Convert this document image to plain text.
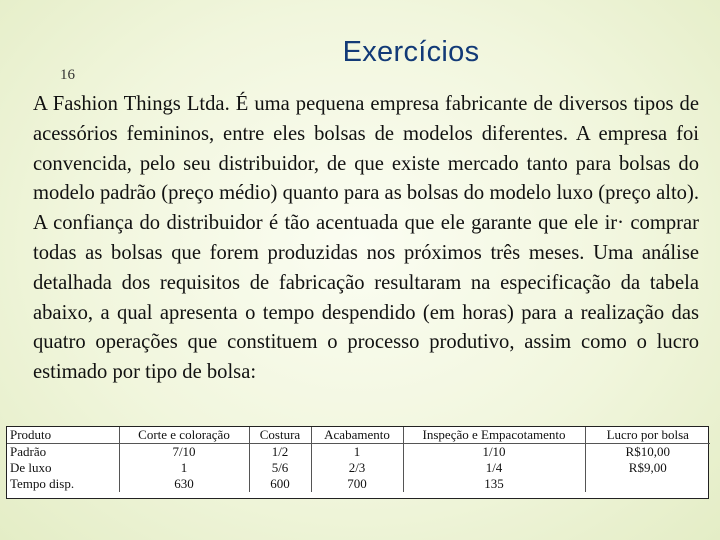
16
Exercícios

A Fashion Things Ltda. É uma pequena empresa fabricante de diversos tipos de acessórios femininos, entre eles bolsas de modelos diferentes. A empresa foi convencida, pelo seu distribuidor, de que existe mercado tanto para bolsas do modelo padrão (preço médio) quanto para as bolsas do modelo luxo (preço alto). A confiança do distribuidor é tão acentuada que ele garante que ele ir· comprar todas as bolsas que forem produzidas nos próximos três meses. Uma análise detalhada dos requisitos de fabricação resultaram na especificação da tabela abaixo, a qual apresenta o tempo despendido (em horas) para a realização das quatro operações que constituem o processo produtivo, assim como o lucro estimado por tipo de bolsa:

Produto	Corte e coloração	Costura	Acabamento	Inspeção e Empacotamento	Lucro por bolsa
Padrão	7/10	1/2	1	1/10	R$10,00
De luxo	1	5/6	2/3	1/4	R$9,00
Tempo disp.	630	600	700	135	
